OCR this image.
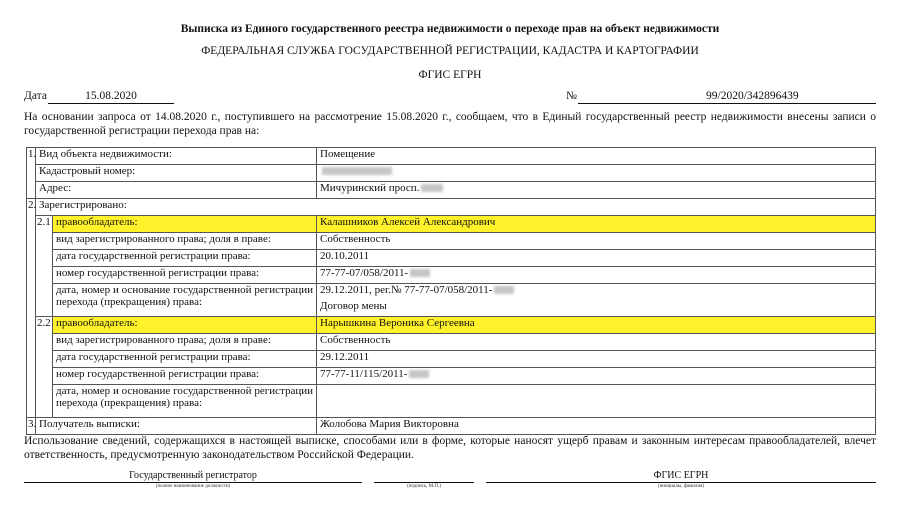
Выписка из Единого государственного реестра недвижимости о переходе прав на объект недвижимости
ФЕДЕРАЛЬНАЯ СЛУЖБА ГОСУДАРСТВЕННОЙ РЕГИСТРАЦИИ, КАДАСТРА И КАРТОГРАФИИ
ФГИС ЕГРН
Дата	15.08.2020	№	99/2020/342896439
На основании запроса от 14.08.2020 г., поступившего на рассмотрение 15.08.2020 г., сообщаем, что в Единый государственный реестр недвижимости внесены записи о государственной регистрации перехода прав на:
1.	Вид объекта недвижимости:		Помещение
	Кадастровый номер:		
	Адрес:		Мичуринский просп.
2.	Зарегистрировано:		
	2.1	правообладатель:	Калашников Алексей Александрович
		вид зарегистрированного права; доля в праве:	Собственность
		дата государственной регистрации права:	20.10.2011
		номер государственной регистрации права:	77-77-07/058/2011-
		дата, номер и основание государственной регистрации перехода (прекращения) права:	29.12.2011, рег.№ 77-77-07/058/2011-
			Договор мены
	2.2	правообладатель:	Нарышкина Вероника Сергеевна
		вид зарегистрированного права; доля в праве:	Собственность
		дата государственной регистрации права:	29.12.2011
		номер государственной регистрации права:	77-77-11/115/2011-
		дата, номер и основание государственной регистрации перехода (прекращения) права:	

3.	Получатель выписки:		Жолобова Мария Викторовна
Использование сведений, содержащихся в настоящей выписке, способами или в форме, которые наносят ущерб правам и законным интересам правообладателей, влечет ответственность, предусмотренную законодательством Российской Федерации.
Государственный регистратор
(полное наименование должности)	(подпись, М.П.)
ФГИС ЕГРН
(инициалы, фамилия)
